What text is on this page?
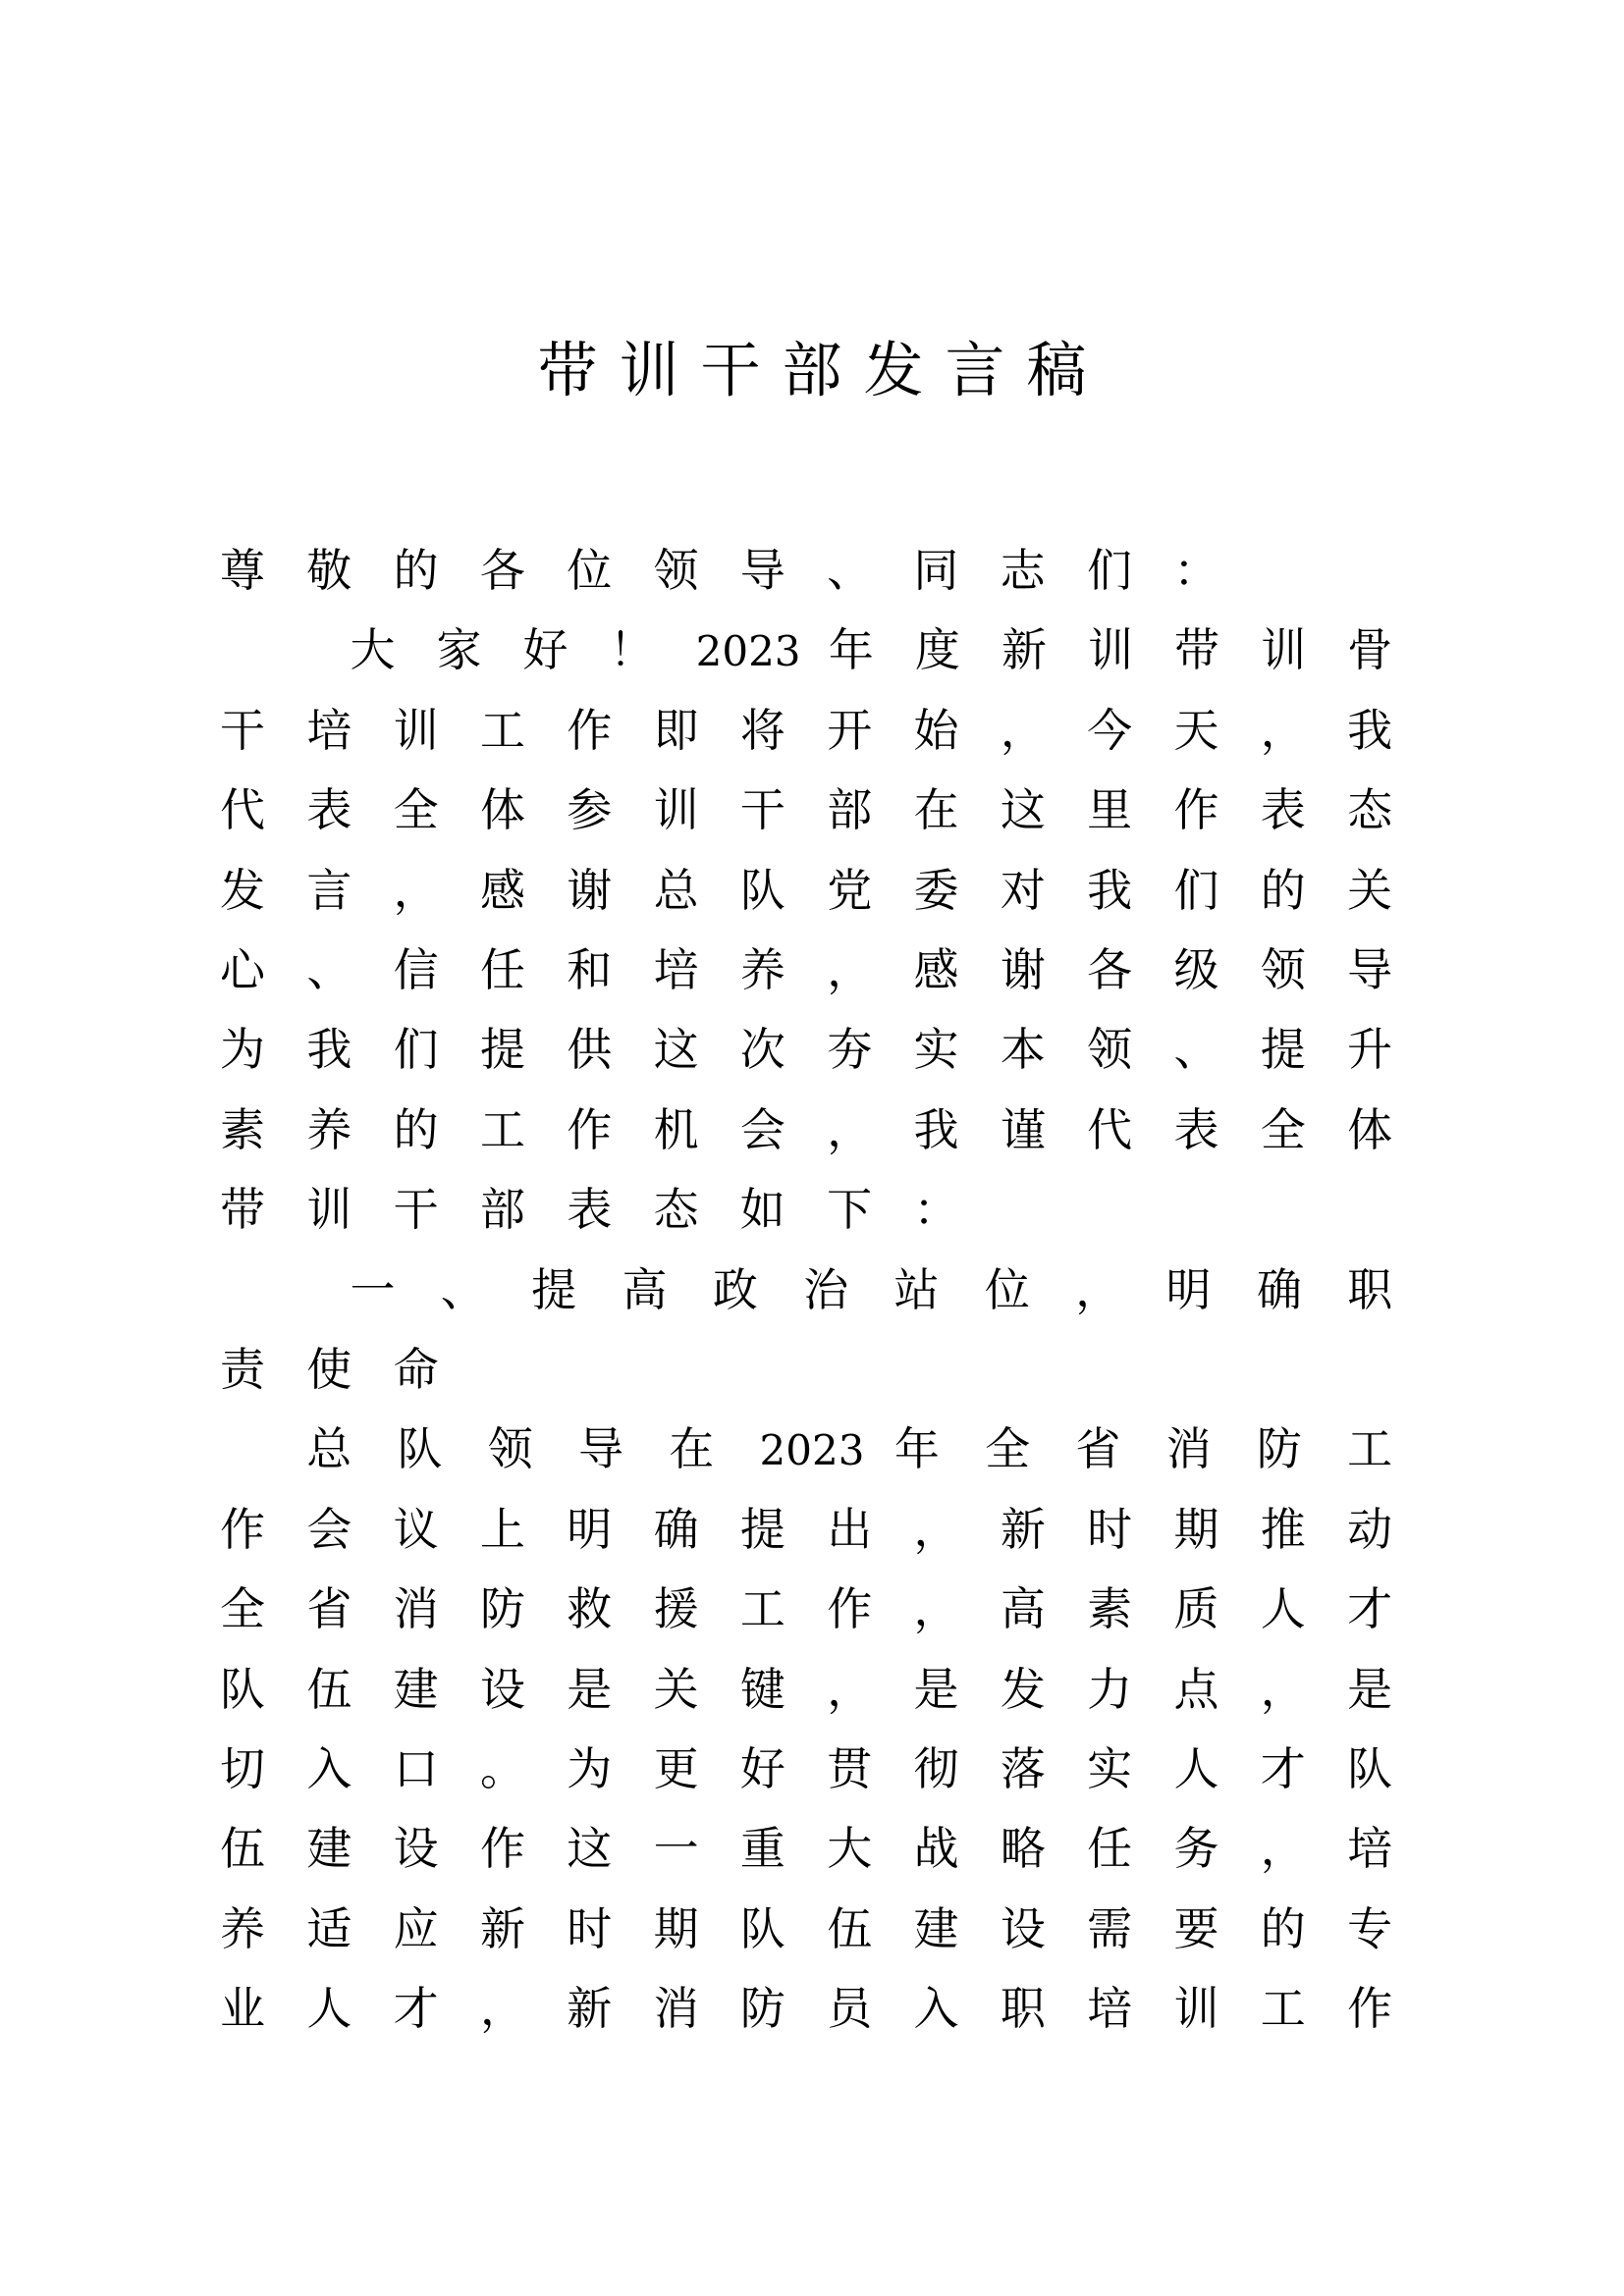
带训干部发言稿
尊 敬 的 各 位 领 导 、 同 志 们 ：
大 家 好 ！ 2023 年 度 新 训 带 训 骨
干 培 训 工 作 即 将 开 始 ， 今 天 ， 我
代 表 全 体 参 训 干 部 在 这 里 作 表 态
发 言 ， 感 谢 总 队 党 委 对 我 们 的 关
心 、 信 任 和 培 养 ， 感 谢 各 级 领 导
为 我 们 提 供 这 次 夯 实 本 领 、 提 升
素 养 的 工 作 机 会 ， 我 谨 代 表 全 体
带 训 干 部 表 态 如 下 ：
一 、 提 高 政 治 站 位 ， 明 确 职
责 使 命
总 队 领 导 在 2023 年 全 省 消 防 工
作 会 议 上 明 确 提 出 ， 新 时 期 推 动
全 省 消 防 救 援 工 作 ， 高 素 质 人 才
队 伍 建 设 是 关 键 ， 是 发 力 点 ， 是
切 入 口 。 为 更 好 贯 彻 落 实 人 才 队
伍 建 设 作 这 一 重 大 战 略 任 务 ， 培
养 适 应 新 时 期 队 伍 建 设 需 要 的 专
业 人 才 ， 新 消 防 员 入 职 培 训 工 作
